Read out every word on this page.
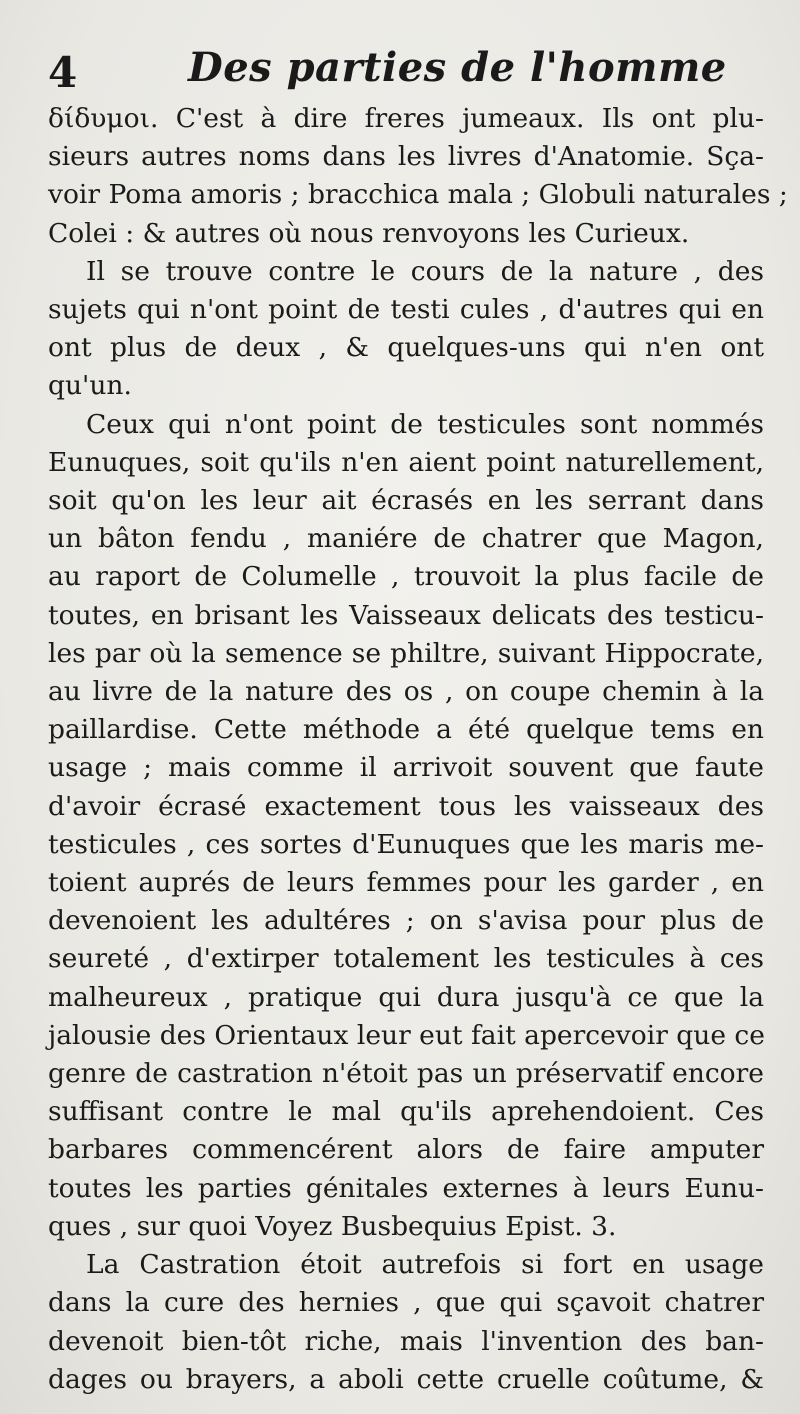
4	Des parties de l'homme

δίδυμοι. C'est à dire freres jumeaux. Ils ont plu-
sieurs autres noms dans les livres d'Anatomie. Sça-
voir Poma amoris ; bracchica mala ; Globuli naturales ;
Colei : & autres où nous renvoyons les Curieux.

Il se trouve contre le cours de la nature , des
sujets qui n'ont point de testi cules , d'autres qui en
ont plus de deux , & quelques-uns qui n'en ont
qu'un.

Ceux qui n'ont point de testicules sont nommés
Eunuques, soit qu'ils n'en aient point naturellement,
soit qu'on les leur ait écrasés en les serrant dans
un bâton fendu , maniére de chatrer que Magon,
au raport de Columelle , trouvoit la plus facile de
toutes, en brisant les Vaisseaux delicats des testicu-
les par où la semence se philtre, suivant Hippocrate,
au livre de la nature des os , on coupe chemin à la
paillardise. Cette méthode a été quelque tems en
usage ; mais comme il arrivoit souvent que faute
d'avoir écrasé exactement tous les vaisseaux des
testicules , ces sortes d'Eunuques que les maris me-
toient auprés de leurs femmes pour les garder , en
devenoient les adultéres ; on s'avisa pour plus de
seureté , d'extirper totalement les testicules à ces
malheureux , pratique qui dura jusqu'à ce que la
jalousie des Orientaux leur eut fait apercevoir que ce
genre de castration n'étoit pas un préservatif encore
suffisant contre le mal qu'ils aprehendoient. Ces
barbares commencérent alors de faire amputer
toutes les parties génitales externes à leurs Eunu-
ques , sur quoi Voyez Busbequius Epist. 3.

La Castration étoit autrefois si fort en usage
dans la cure des hernies , que qui sçavoit chatrer
devenoit bien-tôt riche, mais l'invention des ban-
dages ou brayers, a aboli cette cruelle coûtume, &
